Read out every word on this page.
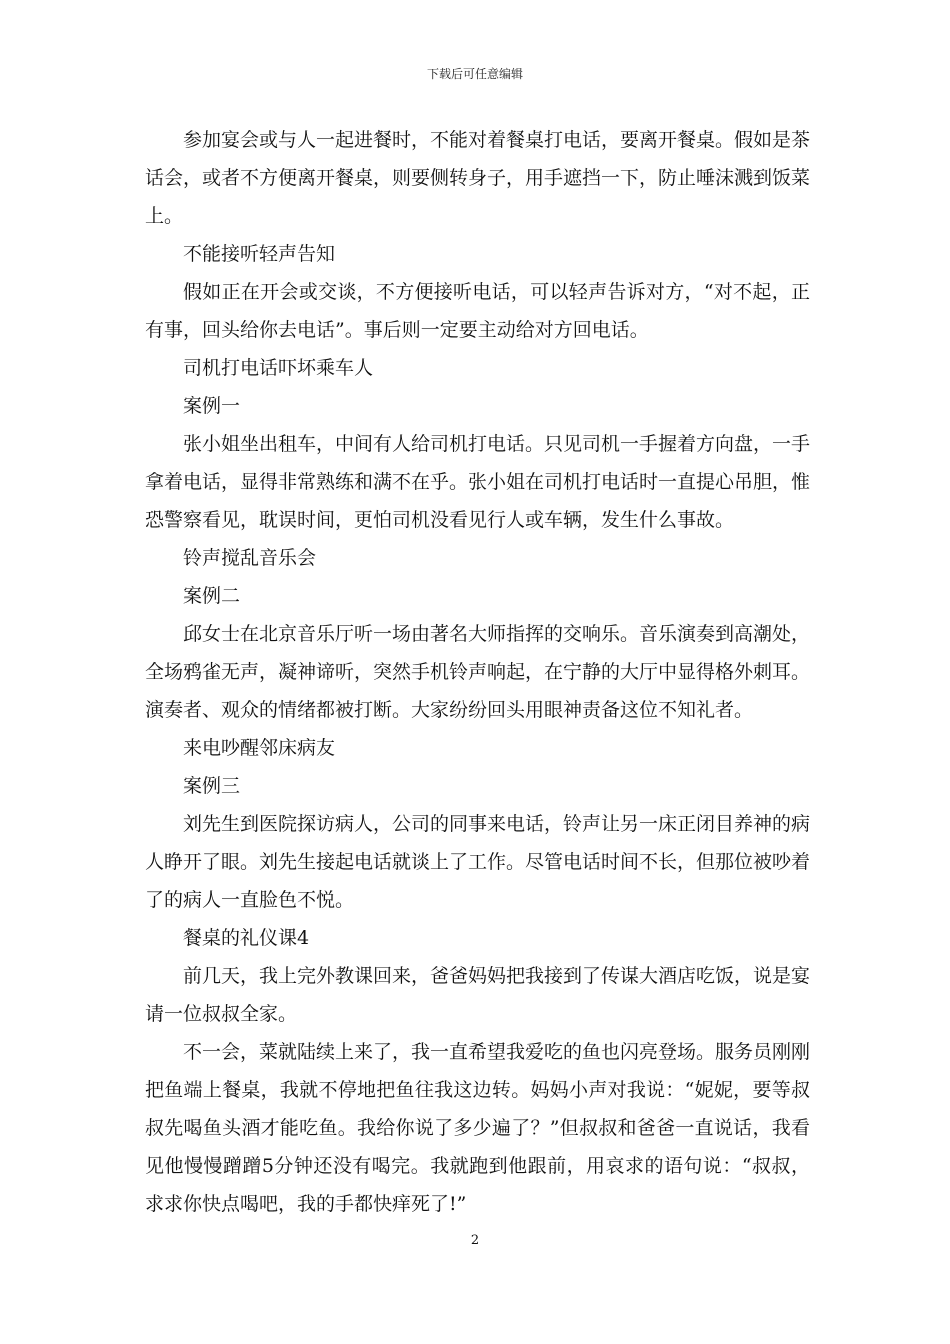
下载后可任意编辑

参加宴会或与人一起进餐时，不能对着餐桌打电话，要离开餐桌。假如是茶话会，或者不方便离开餐桌，则要侧转身子，用手遮挡一下，防止唾沫溅到饭菜上。

不能接听轻声告知

假如正在开会或交谈，不方便接听电话，可以轻声告诉对方，“对不起，正有事，回头给你去电话”。事后则一定要主动给对方回电话。

司机打电话吓坏乘车人

案例一

张小姐坐出租车，中间有人给司机打电话。只见司机一手握着方向盘，一手拿着电话，显得非常熟练和满不在乎。张小姐在司机打电话时一直提心吊胆，惟恐警察看见，耽误时间，更怕司机没看见行人或车辆，发生什么事故。

铃声搅乱音乐会

案例二

邱女士在北京音乐厅听一场由著名大师指挥的交响乐。音乐演奏到高潮处，全场鸦雀无声，凝神谛听，突然手机铃声响起，在宁静的大厅中显得格外刺耳。演奏者、观众的情绪都被打断。大家纷纷回头用眼神责备这位不知礼者。

来电吵醒邻床病友

案例三

刘先生到医院探访病人，公司的同事来电话，铃声让另一床正闭目养神的病人睁开了眼。刘先生接起电话就谈上了工作。尽管电话时间不长，但那位被吵着了的病人一直脸色不悦。

餐桌的礼仪课4

前几天，我上完外教课回来，爸爸妈妈把我接到了传谋大酒店吃饭，说是宴请一位叔叔全家。

不一会，菜就陆续上来了，我一直希望我爱吃的鱼也闪亮登场。服务员刚刚把鱼端上餐桌，我就不停地把鱼往我这边转。妈妈小声对我说：“妮妮，要等叔叔先喝鱼头酒才能吃鱼。我给你说了多少遍了？”但叔叔和爸爸一直说话，我看见他慢慢蹭蹭5分钟还没有喝完。我就跑到他跟前，用哀求的语句说：“叔叔，求求你快点喝吧，我的手都快痒死了!”

2
